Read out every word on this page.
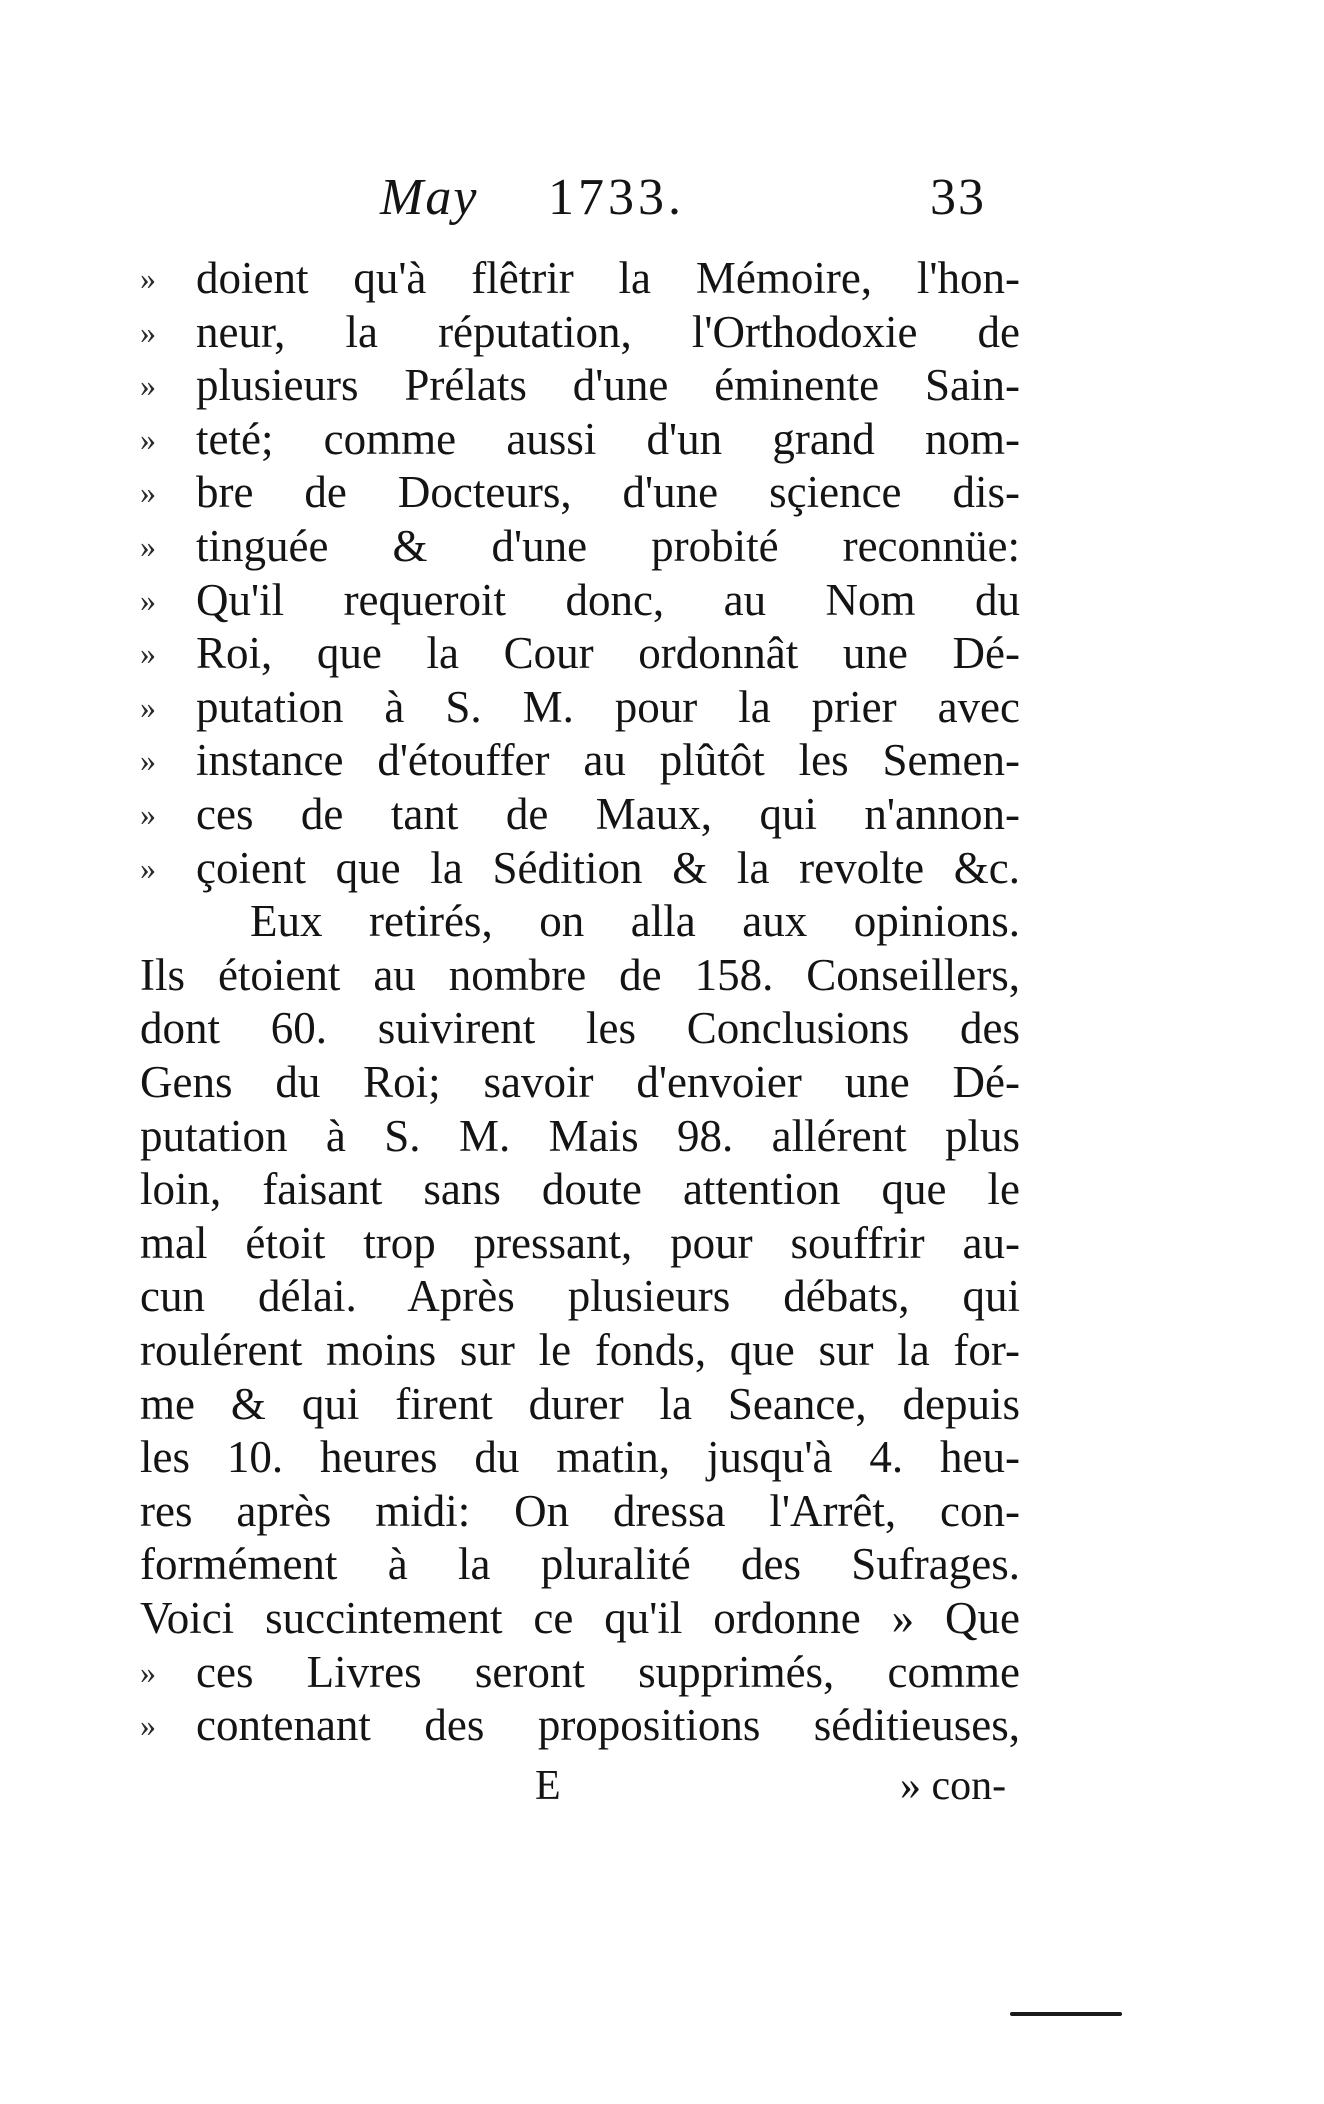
May 1733.	33
» doient qu'à flêtrir la Mémoire, l'hon-
» neur, la réputation, l'Orthodoxie de
» plusieurs Prélats d'une éminente Sain-
» teté; comme aussi d'un grand nom-
» bre de Docteurs, d'une sçience dis-
» tinguée & d'une probité reconnüe:
» Qu'il requeroit donc, au Nom du
» Roi, que la Cour ordonnât une Dé-
» putation à S. M. pour la prier avec
» instance d'étouffer au plûtôt les Semen-
» ces de tant de Maux, qui n'annon-
» çoient que la Sédition & la revolte &c.
Eux retirés, on alla aux opinions.
Ils étoient au nombre de 158. Conseillers,
dont 60. suivirent les Conclusions des
Gens du Roi; savoir d'envoier une Dé-
putation à S. M. Mais 98. allérent plus
loin, faisant sans doute attention que le
mal étoit trop pressant, pour souffrir au-
cun délai. Après plusieurs débats, qui
roulérent moins sur le fonds, que sur la for-
me & qui firent durer la Seance, depuis
les 10. heures du matin, jusqu'à 4. heu-
res après midi: On dressa l'Arrêt, con-
formément à la pluralité des Sufrages.
Voici succintement ce qu'il ordonne » Que
» ces Livres seront supprimés, comme
» contenant des propositions séditieuses,
E	» con-
